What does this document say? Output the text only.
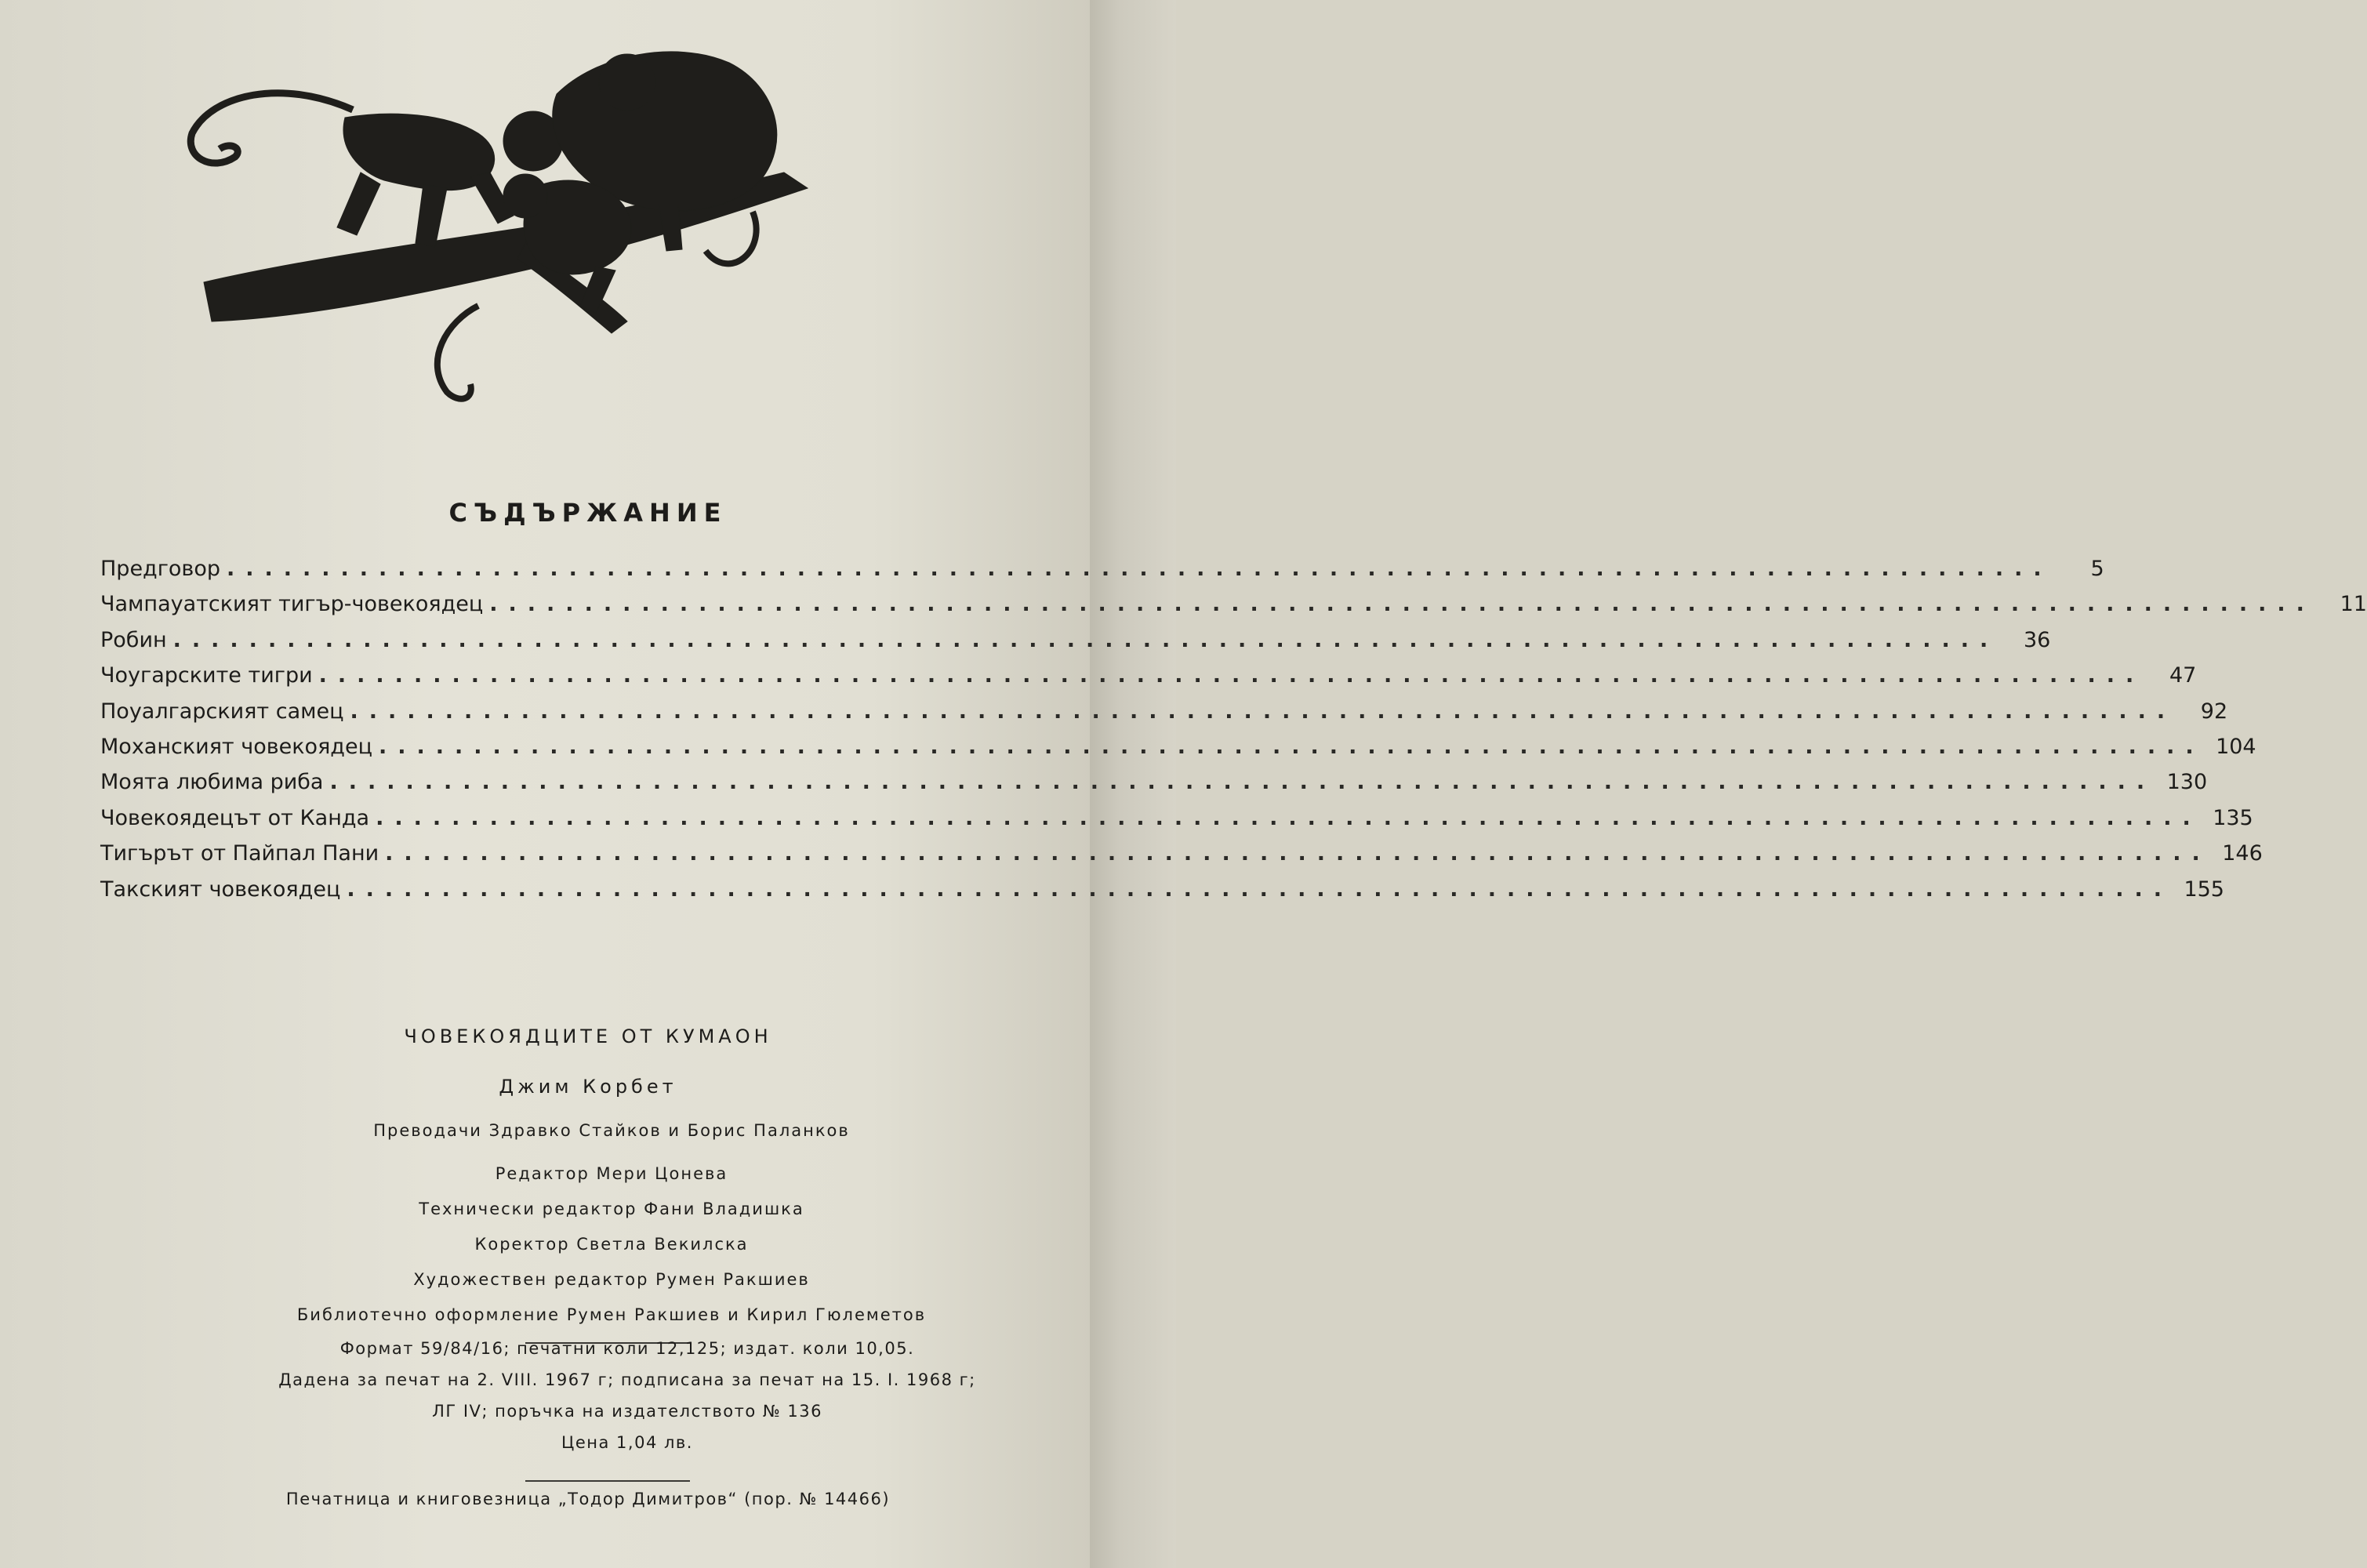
СЪДЪРЖАНИЕ
Предговор ................................................................................................	5
Чампауатският тигър-човекоядец ................................................................................................	11
Робин ................................................................................................	36
Чоугарските тигри ................................................................................................	47
Поуалгарският самец ................................................................................................	92
Моханският човекоядец ................................................................................................ 104
Моята любима риба ................................................................................................ 130
Човекоядецът от Канда ................................................................................................ 135
Тигърът от Пайпал Пани ................................................................................................ 146
Такският човекоядец ................................................................................................ 155
ЧОВЕКОЯДЦИТЕ ОТ КУМАОН
Джим Корбет
Преводачи Здравко Стайков и Борис Паланков
Редактор Мери Цонева
Технически редактор Фани Владишка
Коректор Светла Векилска
Художествен редактор Румен Ракшиев
Библиотечно оформление Румен Ракшиев и Кирил Гюлеметов
Формат 59/84/16; печатни коли 12,125; издат. коли 10,05.
Дадена за печат на 2. VIII. 1967 г; подписана за печат на 15. I. 1968 г;
ЛГ IV; поръчка на издателството № 136
Цена 1,04 лв.
Печатница и книговезница „Тодор Димитров“ (пор. № 14466)
